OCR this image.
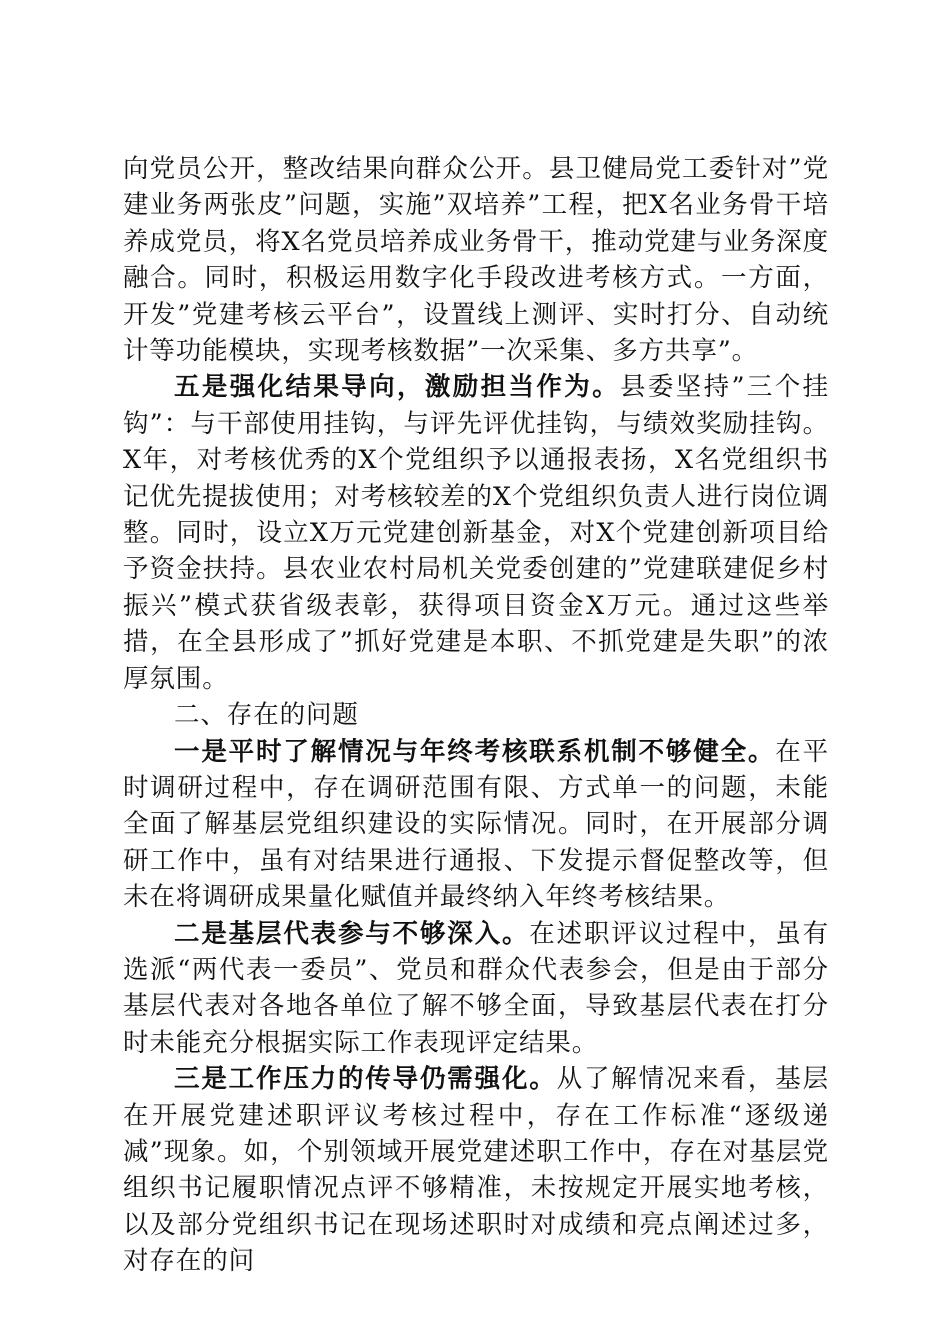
向党员公开，整改结果向群众公开。县卫健局党工委针对”党建业务两张皮”问题，实施”双培养”工程，把X名业务骨干培养成党员，将X名党员培养成业务骨干，推动党建与业务深度融合。同时，积极运用数字化手段改进考核方式。一方面，开发”党建考核云平台”，设置线上测评、实时打分、自动统计等功能模块，实现考核数据”一次采集、多方共享”。

五是强化结果导向，激励担当作为。县委坚持”三个挂钩”：与干部使用挂钩，与评先评优挂钩，与绩效奖励挂钩。X年，对考核优秀的X个党组织予以通报表扬，X名党组织书记优先提拔使用；对考核较差的X个党组织负责人进行岗位调整。同时，设立X万元党建创新基金，对X个党建创新项目给予资金扶持。县农业农村局机关党委创建的”党建联建促乡村振兴”模式获省级表彰，获得项目资金X万元。通过这些举措，在全县形成了”抓好党建是本职、不抓党建是失职”的浓厚氛围。

二、存在的问题

一是平时了解情况与年终考核联系机制不够健全。在平时调研过程中，存在调研范围有限、方式单一的问题，未能全面了解基层党组织建设的实际情况。同时，在开展部分调研工作中，虽有对结果进行通报、下发提示督促整改等，但未在将调研成果量化赋值并最终纳入年终考核结果。

二是基层代表参与不够深入。在述职评议过程中，虽有选派“两代表一委员”、党员和群众代表参会，但是由于部分基层代表对各地各单位了解不够全面，导致基层代表在打分时未能充分根据实际工作表现评定结果。

三是工作压力的传导仍需强化。从了解情况来看，基层在开展党建述职评议考核过程中，存在工作标准“逐级递减”现象。如，个别领域开展党建述职工作中，存在对基层党组织书记履职情况点评不够精准，未按规定开展实地考核，以及部分党组织书记在现场述职时对成绩和亮点阐述过多，对存在的问
